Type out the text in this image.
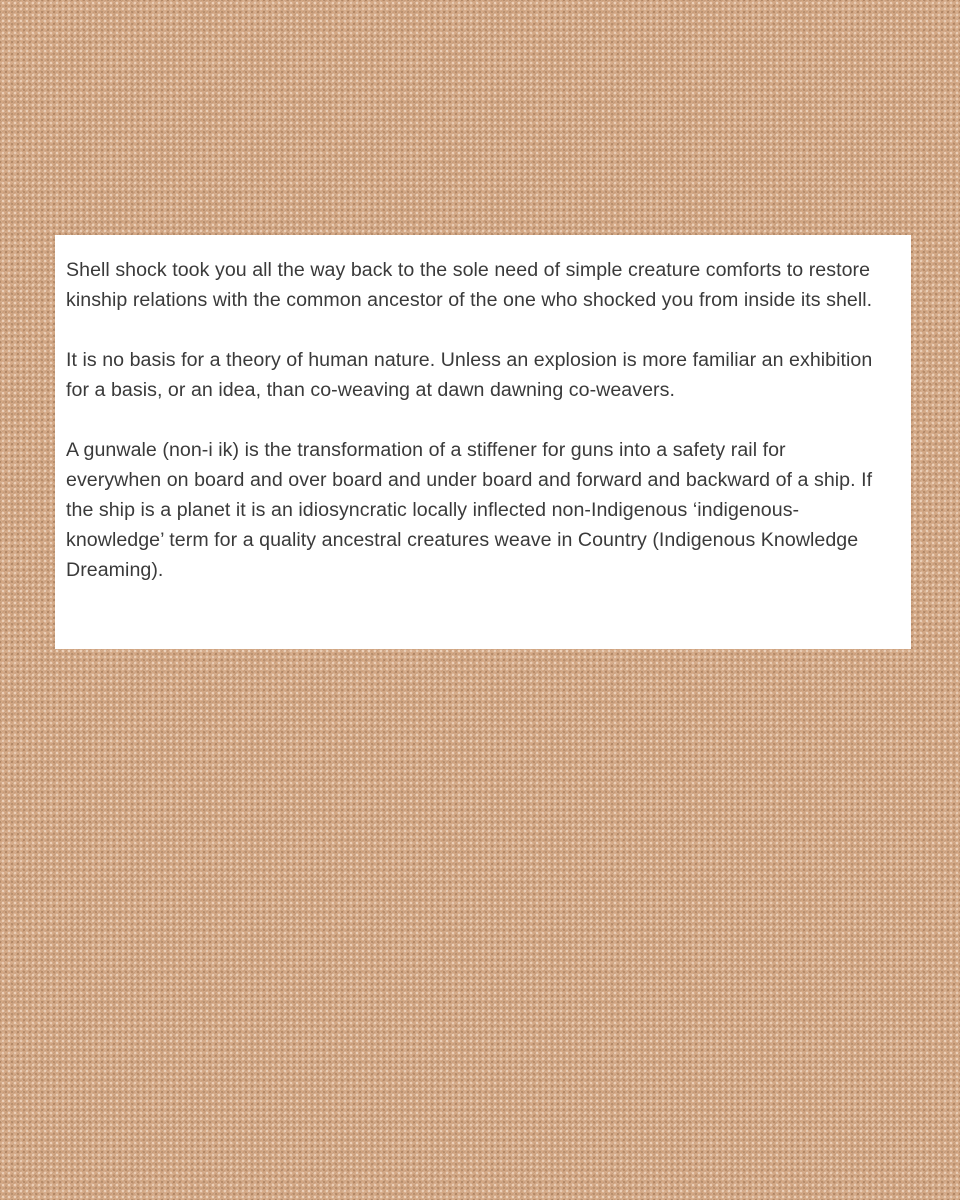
Shell shock took you all the way back to the sole need of simple creature comforts to restore kinship relations with the common ancestor of the one who shocked you from inside its shell.

It is no basis for a theory of human nature. Unless an explosion is more familiar an exhibition for a basis, or an idea, than co-weaving at dawn dawning co-weavers.

A gunwale (non-i ik) is the transformation of a stiffener for guns into a safety rail for everywhen on board and over board and under board and forward and backward of a ship. If the ship is a planet it is an idiosyncratic locally inflected non-Indigenous ‘indigenous-knowledge’ term for a quality ancestral creatures weave in Country (Indigenous Knowledge Dreaming).
